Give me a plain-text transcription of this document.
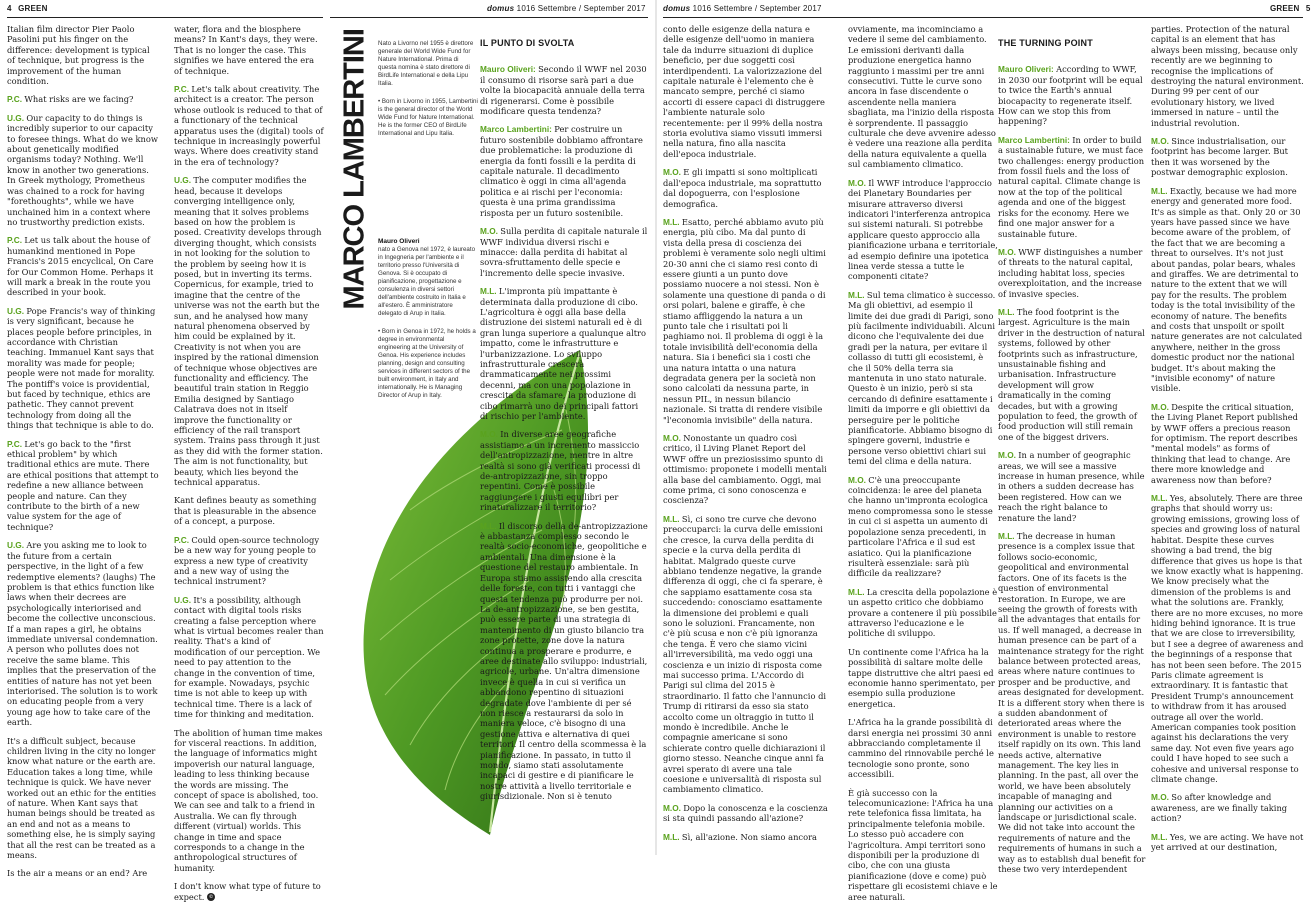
4 GREEN	domus 1016 Settembre / September 2017 domus 1016 Settembre / September 2017	GREEN 5

Italian film director Pier Paolo Pasolini put his finger on the difference: development is typical of technique, but progress is the improvement of the human condition.

P.C. What risks are we facing?

U.G. Our capacity to do things is incredibly superior to our capacity to foresee things. What do we know about genetically modified organisms today? Nothing. We'll know in another two generations. In Greek mythology, Prometheus was chained to a rock for having "forethoughts", while we have unchained him in a context where no trustworthy prediction exists.

P.C. Let us talk about the house of humankind mentioned in Pope Francis's 2015 encyclical, On Care for Our Common Home. Perhaps it will mark a break in the route you described in your book.

U.G. Pope Francis's way of thinking is very significant, because he places people before principles, in accordance with Christian teaching. Immanuel Kant says that morality was made for people; people were not made for morality. The pontiff's voice is providential, but faced by technique, ethics are pathetic. They cannot prevent technology from doing all the things that technique is able to do.

P.C. Let's go back to the "first ethical problem" by which traditional ethics are mute. There are ethical positions that attempt to redefine a new alliance between people and nature. Can they contribute to the birth of a new value system for the age of technique?

U.G. Are you asking me to look to the future from a certain perspective, in the light of a few redemptive elements? (laughs) The problem is that ethics function like laws when their decrees are psychologically interiorised and become the collective unconscious. If a man rapes a girl, he obtains immediate universal condemnation. A person who pollutes does not receive the same blame. This implies that the preservation of the entities of nature has not yet been interiorised. The solution is to work on educating people from a very young age how to take care of the earth.

It's a difficult subject, because children living in the city no longer know what nature or the earth are. Education takes a long time, while technique is quick. We have never worked out an ethic for the entities of nature. When Kant says that human beings should be treated as an end and not as a means to something else, he is simply saying that all the rest can be treated as a means.

Is the air a means or an end? Are

water, flora and the biosphere means? In Kant's days, they were. That is no longer the case. This signifies we have entered the era of technique.

P.C. Let's talk about creativity. The architect is a creator. The person whose outlook is reduced to that of a functionary of the technical apparatus uses the (digital) tools of technique in increasingly powerful ways. Where does creativity stand in the era of technology?

U.G. The computer modifies the head, because it develops converging intelligence only, meaning that it solves problems based on how the problem is posed. Creativity develops through diverging thought, which consists in not looking for the solution to the problem by seeing how it is posed, but in inverting its terms. Copernicus, for example, tried to imagine that the centre of the universe was not the earth but the sun, and he analysed how many natural phenomena observed by him could be explained by it. Creativity is not when you are inspired by the rational dimension of technique whose objectives are functionality and efficiency. The beautiful train station in Reggio Emilia designed by Santiago Calatrava does not in itself improve the functionality or efficiency of the rail transport system. Trains pass through it just as they did with the former station. The aim is not functionality, but beauty, which lies beyond the technical apparatus.

Kant defines beauty as something that is pleasurable in the absence of a concept, a purpose.

P.C. Could open-source technology be a new way for young people to express a new type of creativity and a new way of using the technical instrument?

U.G. It's a possibility, although contact with digital tools risks creating a false perception where what is virtual becomes realer than reality. That's a kind of modification of our perception. We need to pay attention to the change in the convention of time, for example. Nowadays, psychic time is not able to keep up with technical time. There is a lack of time for thinking and meditation.

The abolition of human time makes for visceral reactions. In addition, the language of informatics might impoverish our natural language, leading to less thinking because the words are missing. The concept of space is abolished, too. We can see and talk to a friend in Australia. We can fly through different (virtual) worlds. This change in time and space corresponds to a change in the anthropological structures of humanity.

I don't know what type of future to expect. ©

MARCO LAMBERTINI Nato a Livorno nel 1955 è direttore generale del World Wide Fund for Nature International. Prima di questa nomina è stato direttore di BirdLife International e della Lipu Italia.

• Born in Livorno in 1955, Lambertini is the general director of the World Wide Fund for Nature International. He is the former CEO of BirdLife International and Lipu Italia.

Mauro Oliveri

nato a Genova nel 1972, è laureato in Ingegneria per l'ambiente e il territorio presso l'Università di Genova. Si è occupato di pianificazione, progettazione e consulenza in diversi settori dell'ambiente costruito in Italia e all'estero. È amministratore delegato di Arup in Italia.

• Born in Genoa in 1972, he holds a degree in environmental engineering at the University of Genoa. His experience includes planning, design and consulting services in different sectors of the built environment, in Italy and internationally. He is Managing Director of Arup in Italy.

IL PUNTO DI SVOLTA

Mauro Oliveri: Secondo il WWF nel 2030 il consumo di risorse sarà pari a due volte la biocapacità annuale della terra di rigenerarsi. Come è possibile modificare questa tendenza?

Marco Lambertini: Per costruire un futuro sostenibile dobbiamo affrontare due problematiche: la produzione di energia da fonti fossili e la perdita di capitale naturale. Il decadimento climatico è oggi in cima all'agenda politica e ai rischi per l'economia: questa è una prima grandissima risposta per un futuro sostenibile.

M.O. Sulla perdita di capitale naturale il WWF individua diversi rischi e minacce: dalla perdita di habitat al sovra-sfruttamento delle specie e l'incremento delle specie invasive.

M.L. L'impronta più impattante è determinata dalla produzione di cibo. L'agricoltura è oggi alla base della distruzione dei sistemi naturali ed è di gran lunga superiore a qualunque altro impatto, come le infrastrutture e l'urbanizzazione. Lo sviluppo infrastrutturale crescerà drammaticamente nei prossimi decenni, ma con una popolazione in crescita da sfamare, la produzione di cibo rimarrà uno dei principali fattori di rischio per l'ambiente.

M.O. In diverse aree geografiche assistiamo a un incremento massiccio dell'antropizzazione, mentre in altre realtà si sono già verificati processi di de-antropizzazione, sin troppo repentini. Come è possibile raggiungere i giusti equilibri per rinaturalizzare il territorio?

M.L. Il discorso della de-antropizzazione è abbastanza complesso secondo le realtà socio-economiche, geopolitiche e ambientali. Una dimensione è la questione del restauro ambientale. In Europa stiamo assistendo alla crescita delle foreste, con tutti i vantaggi che questa tendenza può produrre per noi. La de-antropizzazione, se ben gestita, può essere parte di una strategia di mantenimento di un giusto bilancio tra zone protette, zone dove la natura continua a prosperare e produrre, e aree destinate allo sviluppo: industriali, agricole, urbane. Un'altra dimensione invece è quella in cui si verifica un abbandono repentino di situazioni degradate dove l'ambiente di per sé non riesce a restaurarsi da solo in maniera veloce, c'è bisogno di una gestione attiva e alternativa di quei territori. Il centro della scommessa è la pianificazione. In passato, in tutto il mondo, siamo stati assolutamente incapaci di gestire e di pianificare le nostre attività a livello territoriale e giurisdizionale. Non si è tenuto

conto delle esigenze della natura e delle esigenze dell'uomo in maniera tale da indurre situazioni di duplice beneficio, per due soggetti così interdipendenti. La valorizzazione del capitale naturale è l'elemento che è mancato sempre, perché ci siamo accorti di essere capaci di distruggere l'ambiente naturale solo recentemente: per il 99% della nostra storia evolutiva siamo vissuti immersi nella natura, fino alla nascita dell'epoca industriale.

M.O. E gli impatti si sono moltiplicati dall'epoca industriale, ma soprattutto dal dopoguerra, con l'esplosione demografica.

M.L. Esatto, perché abbiamo avuto più energia, più cibo. Ma dal punto di vista della presa di coscienza dei problemi è veramente solo negli ultimi 20-30 anni che ci siamo resi conto di essere giunti a un punto dove possiamo nuocere a noi stessi. Non è solamente una questione di panda o di orsi polari, balene e giraffe, è che stiamo affliggendo la natura a un punto tale che i risultati poi li paghiamo noi. Il problema di oggi è la totale invisibilità dell'economia della natura. Sia i benefici sia i costi che una natura intatta o una natura degradata genera per la società non sono calcolati da nessuna parte, in nessun PIL, in nessun bilancio nazionale. Si tratta di rendere visibile "l'economia invisibile" della natura.

M.O. Nonostante un quadro così critico, il Living Planet Report del WWF offre un preziosissimo spunto di ottimismo: proponete i modelli mentali alla base del cambiamento. Oggi, mai come prima, ci sono conoscenza e coscienza?

M.L. Sì, ci sono tre curve che devono preoccuparci: la curva delle emissioni che cresce, la curva della perdita di specie e la curva della perdita di habitat. Malgrado queste curve abbiano tendenze negative, la grande differenza di oggi, che ci fa sperare, è che sappiamo esattamente cosa sta succedendo: conosciamo esattamente la dimensione dei problemi e quali sono le soluzioni. Francamente, non c'è più scusa e non c'è più ignoranza che tenga. È vero che siamo vicini all'irreversibilità, ma vedo oggi una coscienza e un inizio di risposta come mai successo prima. L'Accordo di Parigi sul clima del 2015 è straordinario. Il fatto che l'annuncio di Trump di ritirarsi da esso sia stato accolto come un oltraggio in tutto il mondo è incredibile. Anche le compagnie americane si sono schierate contro quelle dichiarazioni il giorno stesso. Neanche cinque anni fa avrei sperato di avere una tale coesione e universalità di risposta sul cambiamento climatico.

M.O. Dopo la conoscenza e la coscienza si sta quindi passando all'azione?

M.L. Sì, all'azione. Non siamo ancora

ovviamente, ma incominciamo a vedere il seme del cambiamento. Le emissioni derivanti dalla produzione energetica hanno raggiunto i massimi per tre anni consecutivi. Tutte le curve sono ancora in fase discendente o ascendente nella maniera sbagliata, ma l'inizio della risposta è sorprendente. Il passaggio culturale che deve avvenire adesso è vedere una reazione alla perdita della natura equivalente a quella sul cambiamento climatico.

M.O. Il WWF introduce l'approccio dei Planetary Boundaries per misurare attraverso diversi indicatori l'interferenza antropica sui sistemi naturali. Si potrebbe applicare questo approccio alla pianificazione urbana e territoriale, ad esempio definire una ipotetica linea verde stessa a tutte le componenti citate?

M.L. Sul tema climatico è successo. Ma gli obiettivi, ad esempio il limite dei due gradi di Parigi, sono più facilmente individuabili. Alcuni dicono che l'equivalente dei due gradi per la natura, per evitare il collasso di tutti gli ecosistemi, è che il 50% della terra sia mantenuta in uno stato naturale. Questo è un inizio, però si sta cercando di definire esattamente i limiti da imporre e gli obiettivi da perseguire per le politiche pianificatorie. Abbiamo bisogno di spingere governi, industrie e persone verso obiettivi chiari sui temi del clima e della natura.

M.O. C'è una preoccupante coincidenza: le aree del pianeta che hanno un'impronta ecologica meno compromessa sono le stesse in cui ci si aspetta un aumento di popolazione senza precedenti, in particolare l'Africa e il sud est asiatico. Qui la pianificazione risulterà essenziale: sarà più difficile da realizzare?

M.L. La crescita della popolazione è un aspetto critico che dobbiamo provare a contenere il più possibile attraverso l'educazione e le politiche di sviluppo.

Un continente come l'Africa ha la possibilità di saltare molte delle tappe distruttive che altri paesi ed economie hanno sperimentato, per esempio sulla produzione energetica.

L'Africa ha la grande possibilità di darsi energia nei prossimi 30 anni abbracciando completamente il cammino del rinnovabile perché le tecnologie sono pronte, sono accessibili.

È già successo con la telecomunicazione: l'Africa ha una rete telefonica fissa limitata, ha principalmente telefonia mobile. Lo stesso può accadere con l'agricoltura. Ampi territori sono disponibili per la produzione di cibo, che con una giusta pianificazione (dove e come) può rispettare gli ecosistemi chiave e le aree naturali.

THE TURNING POINT

Mauro Oliveri: According to WWF, in 2030 our footprint will be equal to twice the Earth's annual biocapacity to regenerate itself. How can we stop this from happening?

Marco Lambertini: In order to build a sustainable future, we must face two challenges: energy production from fossil fuels and the loss of natural capital. Climate change is now at the top of the political agenda and one of the biggest risks for the economy. Here we find one major answer for a sustainable future.

M.O. WWF distinguishes a number of threats to the natural capital, including habitat loss, species overexploitation, and the increase of invasive species.

M.L. The food footprint is the largest. Agriculture is the main driver in the destruction of natural systems, followed by other footprints such as infrastructure, unsustainable fishing and urbanisation. Infrastructure development will grow dramatically in the coming decades, but with a growing population to feed, the growth of food production will still remain one of the biggest drivers.

M.O. In a number of geographic areas, we will see a massive increase in human presence, while in others a sudden decrease has been registered. How can we reach the right balance to renature the land?

M.L. The decrease in human presence is a complex issue that follows socio-economic, geopolitical and environmental factors. One of its facets is the question of environmental restoration. In Europe, we are seeing the growth of forests with all the advantages that entails for us. If well managed, a decrease in human presence can be part of a maintenance strategy for the right balance between protected areas, areas where nature continues to prosper and be productive, and areas designated for development. It is a different story when there is a sudden abandonment of deteriorated areas where the environment is unable to restore itself rapidly on its own. This land needs active, alternative management. The key lies in planning. In the past, all over the world, we have been absolutely incapable of managing and planning our activities on a landscape or jurisdictional scale. We did not take into account the requirements of nature and the requirements of humans in such a way as to establish dual benefit for these two very interdependent

parties. Protection of the natural capital is an element that has always been missing, because only recently are we beginning to recognise the implications of destroying the natural environment. During 99 per cent of our evolutionary history, we lived immersed in nature – until the industrial revolution.

M.O. Since industrialisation, our footprint has become larger. But then it was worsened by the postwar demographic explosion.

M.L. Exactly, because we had more energy and generated more food. It's as simple as that. Only 20 or 30 years have passed since we have become aware of the problem, of the fact that we are becoming a threat to ourselves. It's not just about pandas, polar bears, whales and giraffes. We are detrimental to nature to the extent that we will pay for the results. The problem today is the total invisibility of the economy of nature. The benefits and costs that unspoilt or spoilt nature generates are not calculated anywhere, neither in the gross domestic product nor the national budget. It's about making the "invisible economy" of nature visible.

M.O. Despite the critical situation, the Living Planet Report published by WWF offers a precious reason for optimism. The report describes "mental models" as forms of thinking that lead to change. Are there more knowledge and awareness now than before?

M.L. Yes, absolutely. There are three graphs that should worry us: growing emissions, growing loss of species and growing loss of natural habitat. Despite these curves showing a bad trend, the big difference that gives us hope is that we know exactly what is happening. We know precisely what the dimension of the problems is and what the solutions are. Frankly, there are no more excuses, no more hiding behind ignorance. It is true that we are close to irreversibility, but I see a degree of awareness and the beginnings of a response that has not been seen before. The 2015 Paris climate agreement is extraordinary. It is fantastic that President Trump's announcement to withdraw from it has aroused outrage all over the world. American companies took position against his declarations the very same day. Not even five years ago could I have hoped to see such a cohesive and universal response to climate change.

M.O. So after knowledge and awareness, are we finally taking action?

M.L. Yes, we are acting. We have not yet arrived at our destination,
